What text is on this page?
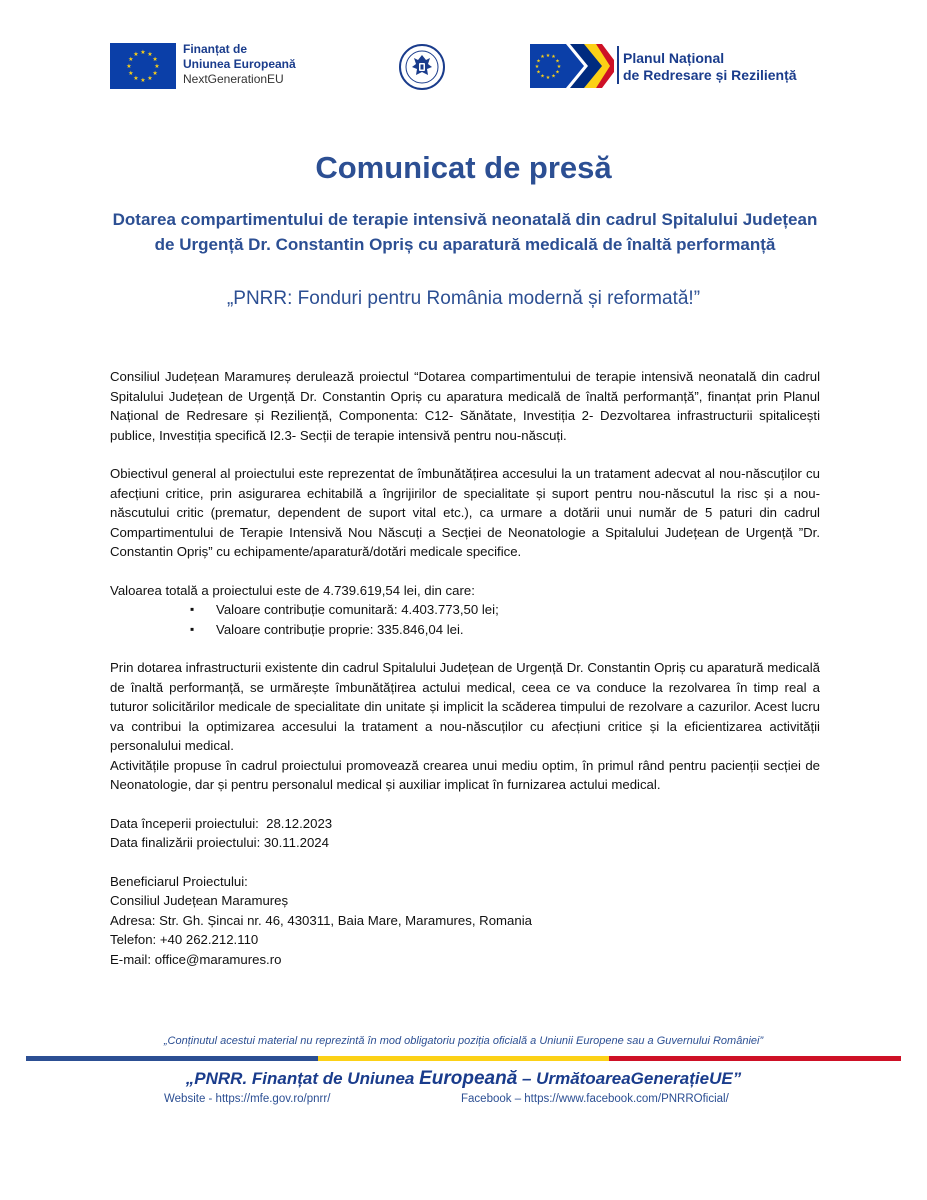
★
★
★
★
★
★
★
★
★ ★ ★
★
Finanțat de
Uniunea Europeană
NextGenerationEU
★
★
★
★
★
★
★
★
★ ★ ★
★	Planul Național
de Redresare și Reziliență
Comunicat de presă
Dotarea compartimentului de terapie intensivă neonatală din cadrul Spitalului Județean de Urgență Dr. Constantin Opriș cu aparatură medicală de înaltă performanță
„PNRR: Fonduri pentru România modernă și reformată!”

Consiliul Județean Maramureș derulează proiectul “Dotarea compartimentului de terapie intensivă neonatală din cadrul Spitalului Județean de Urgență Dr. Constantin Opriș cu aparatura medicală de înaltă performanță”, finanțat prin Planul Național de Redresare și Reziliență, Componenta: C12- Sănătate, Investiția 2- Dezvoltarea infrastructurii spitalicești publice, Investiția specifică I2.3- Secții de terapie intensivă pentru nou-născuți.

Obiectivul general al proiectului este reprezentat de îmbunătățirea accesului la un tratament adecvat al nou-născuților cu afecțiuni critice, prin asigurarea echitabilă a îngrijirilor de specialitate și suport pentru nou-născutul la risc și a nou-născutului critic (prematur, dependent de suport vital etc.), ca urmare a dotării unui număr de 5 paturi din cadrul Compartimentului de Terapie Intensivă Nou Născuți a Secției de Neonatologie a Spitalului Județean de Urgență ”Dr. Constantin Opriș” cu echipamente/aparatură/dotări medicale specifice.

Valoarea totală a proiectului este de 4.739.619,54 lei, din care:

▪ Valoare contribuție comunitară: 4.403.773,50 lei;
▪ Valoare contribuție proprie: 335.846,04 lei.

Prin dotarea infrastructurii existente din cadrul Spitalului Județean de Urgență Dr. Constantin Opriș cu aparatură medicală de înaltă performanță, se urmărește îmbunătățirea actului medical, ceea ce va conduce la rezolvarea în timp real a tuturor solicitărilor medicale de specialitate din unitate și implicit la scăderea timpului de rezolvare a cazurilor. Acest lucru va contribui la optimizarea accesului la tratament a nou-născuților cu afecțiuni critice și la eficientizarea activității personalului medical.

Activitățile propuse în cadrul proiectului promovează crearea unui mediu optim, în primul rând pentru pacienții secției de Neonatologie, dar și pentru personalul medical și auxiliar implicat în furnizarea actului medical.

Data începerii proiectului:  28.12.2023

Data finalizării proiectului: 30.11.2024

Beneficiarul Proiectului:

Consiliul Județean Maramureș

Adresa: Str. Gh. Șincai nr. 46, 430311, Baia Mare, Maramures, Romania

Telefon: +40 262.212.110

E-mail: office@maramures.ro

„Conținutul acestui material nu reprezintă în mod obligatoriu poziția oficială a Uniunii Europene sau a Guvernului României”
„PNRR. Finanțat de Uniunea Europeană – UrmătoareaGenerațieUE”
Website - https://mfe.gov.ro/pnrr/	Facebook – https://www.facebook.com/PNRROficial/
